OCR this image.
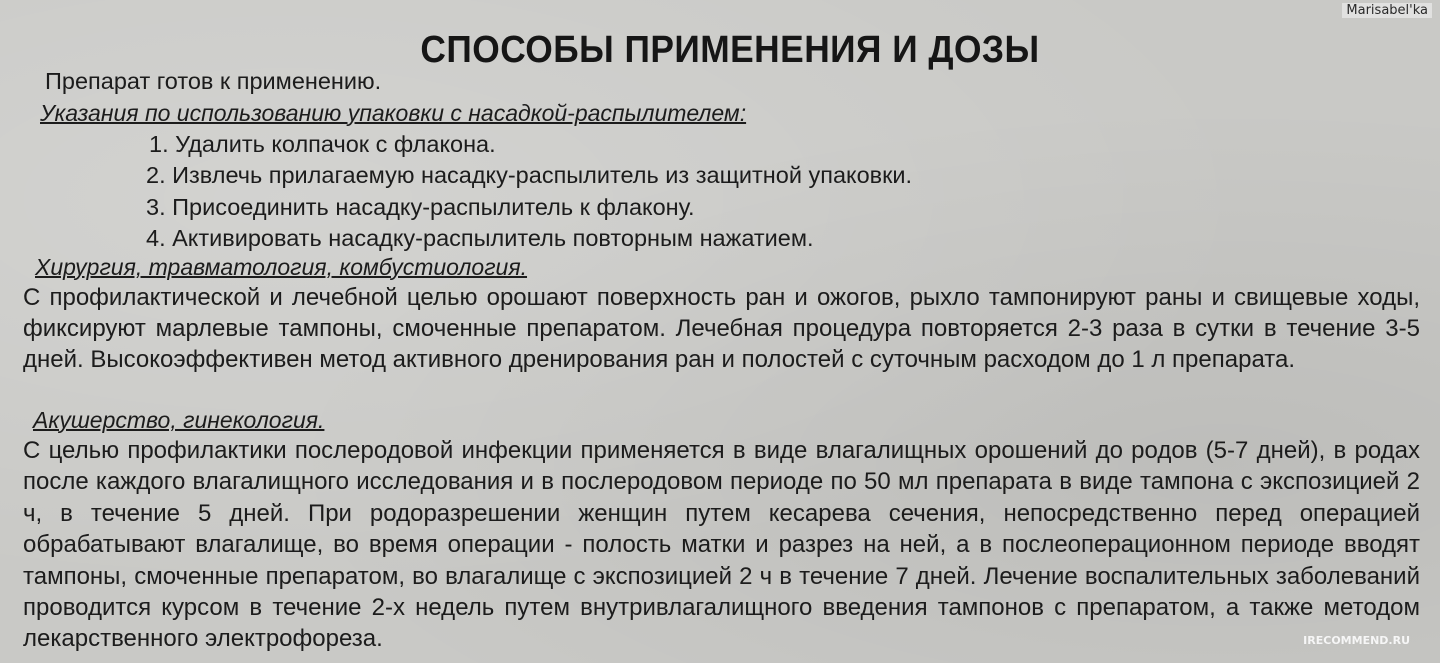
Marisabel'ka
СПОСОБЫ ПРИМЕНЕНИЯ И ДОЗЫ
Препарат готов к применению.
Указания по использованию упаковки с насадкой-распылителем:
1. Удалить колпачок с флакона.
2. Извлечь прилагаемую насадку-распылитель из защитной упаковки.
3. Присоединить насадку-распылитель к флакону.
4. Активировать насадку-распылитель повторным нажатием.
Хирургия, травматология, комбустиология.
С профилактической и лечебной целью орошают поверхность ран и ожогов, рыхло тампонируют раны и свищевые ходы, фиксируют марлевые тампоны, смоченные препаратом. Лечебная процедура повторяется 2-3 раза в сутки в течение 3-5 дней. Высокоэффективен метод активного дренирования ран и полостей с суточным расходом до 1 л препарата.
Акушерство, гинекология.
С целью профилактики послеродовой инфекции применяется в виде влагалищных орошений до родов (5-7 дней), в родах после каждого влагалищного исследования и в послеродовом периоде по 50 мл препарата в виде тампона с экспозицией 2 ч, в течение 5 дней. При родоразрешении женщин путем кесарева сечения, непосредственно перед операцией обрабатывают влагалище, во время операции - полость матки и разрез на ней, а в послеоперационном периоде вводят тампоны, смоченные препаратом, во влагалище с экспозицией 2 ч в течение 7 дней. Лечение воспалительных заболеваний проводится курсом в течение 2-х недель путем внутривлагалищного введения тампонов с препаратом, а также методом лекарственного электрофореза.	IRECOMMEND.RU
